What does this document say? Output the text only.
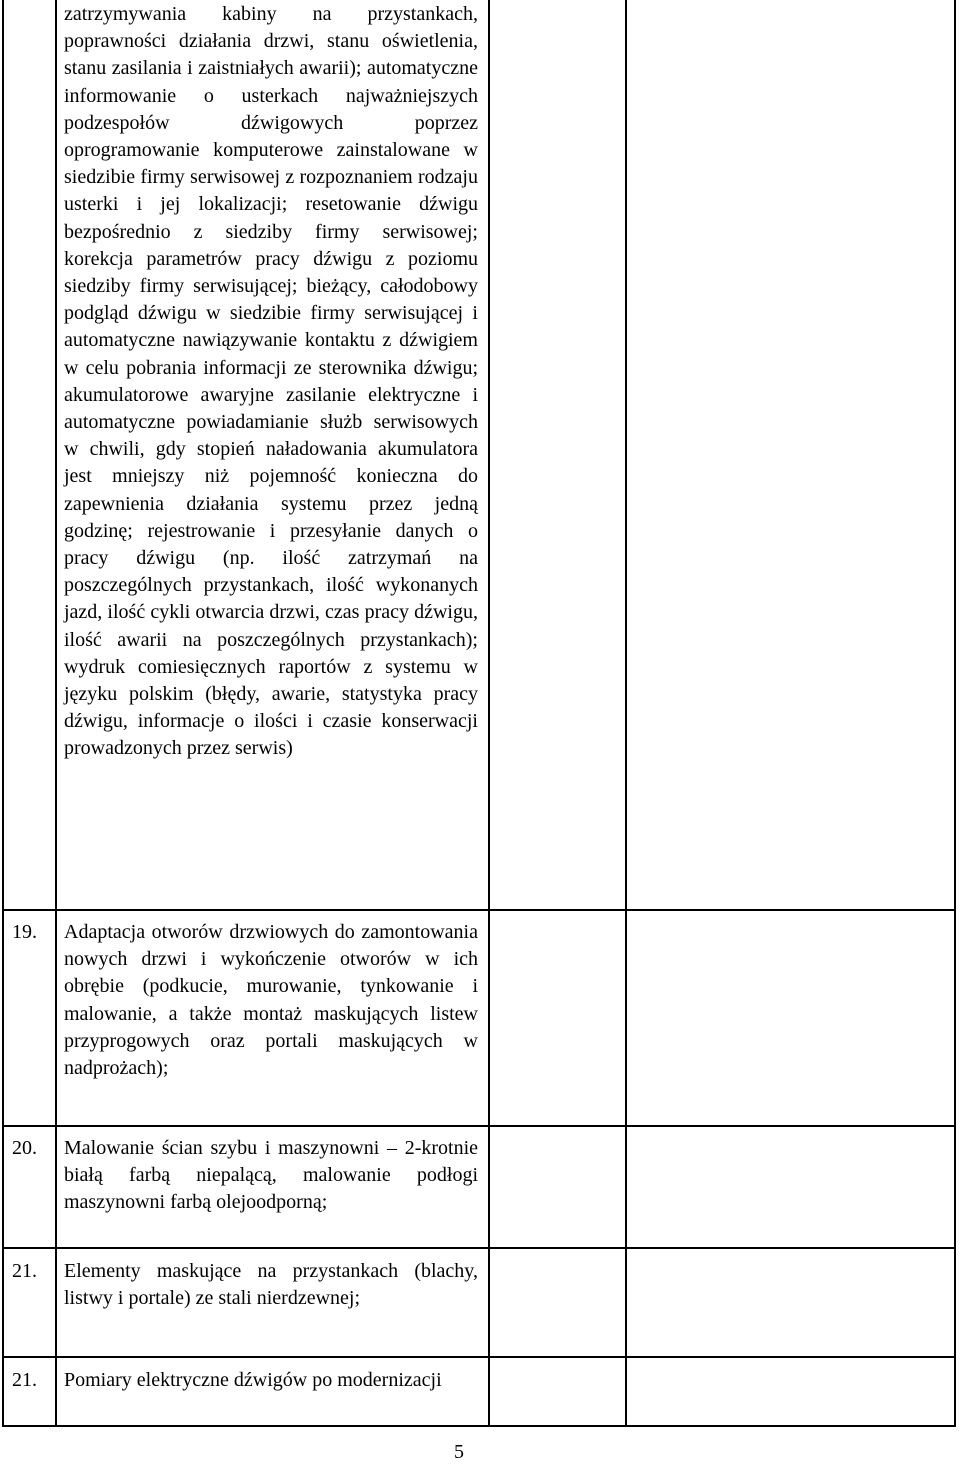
zatrzymywania kabiny na przystankach, poprawności działania drzwi, stanu oświetlenia, stanu zasilania i zaistniałych awarii); automatyczne informowanie o usterkach najważniejszych podzespołów dźwigowych poprzez oprogramowanie komputerowe zainstalowane w siedzibie firmy serwisowej z rozpoznaniem rodzaju usterki i jej lokalizacji; resetowanie dźwigu bezpośrednio z siedziby firmy serwisowej; korekcja parametrów pracy dźwigu z poziomu siedziby firmy serwisującej; bieżący, całodobowy podgląd dźwigu w siedzibie firmy serwisującej i automatyczne nawiązywanie kontaktu z dźwigiem w celu pobrania informacji ze sterownika dźwigu; akumulatorowe awaryjne zasilanie elektryczne i automatyczne powiadamianie służb serwisowych w chwili, gdy stopień naładowania akumulatora jest mniejszy niż pojemność konieczna do zapewnienia działania systemu przez jedną godzinę; rejestrowanie i przesyłanie danych o pracy dźwigu (np. ilość zatrzymań na poszczególnych przystankach, ilość wykonanych jazd, ilość cykli otwarcia drzwi, czas pracy dźwigu, ilość awarii na poszczególnych przystankach); wydruk comiesięcznych raportów z systemu w języku polskim (błędy, awarie, statystyka pracy dźwigu, informacje o ilości i czasie konserwacji prowadzonych przez serwis)
19. Adaptacja otworów drzwiowych do zamontowania nowych drzwi i wykończenie otworów w ich obrębie (podkucie, murowanie, tynkowanie i malowanie, a także montaż maskujących listew przyprogowych oraz portali maskujących w nadprożach);
20. Malowanie ścian szybu i maszynowni – 2-krotnie białą farbą niepalącą, malowanie podłogi maszynowni farbą olejoodporną;
21. Elementy maskujące na przystankach (blachy, listwy i portale) ze stali nierdzewnej;
21. Pomiary elektryczne dźwigów po modernizacji
5
